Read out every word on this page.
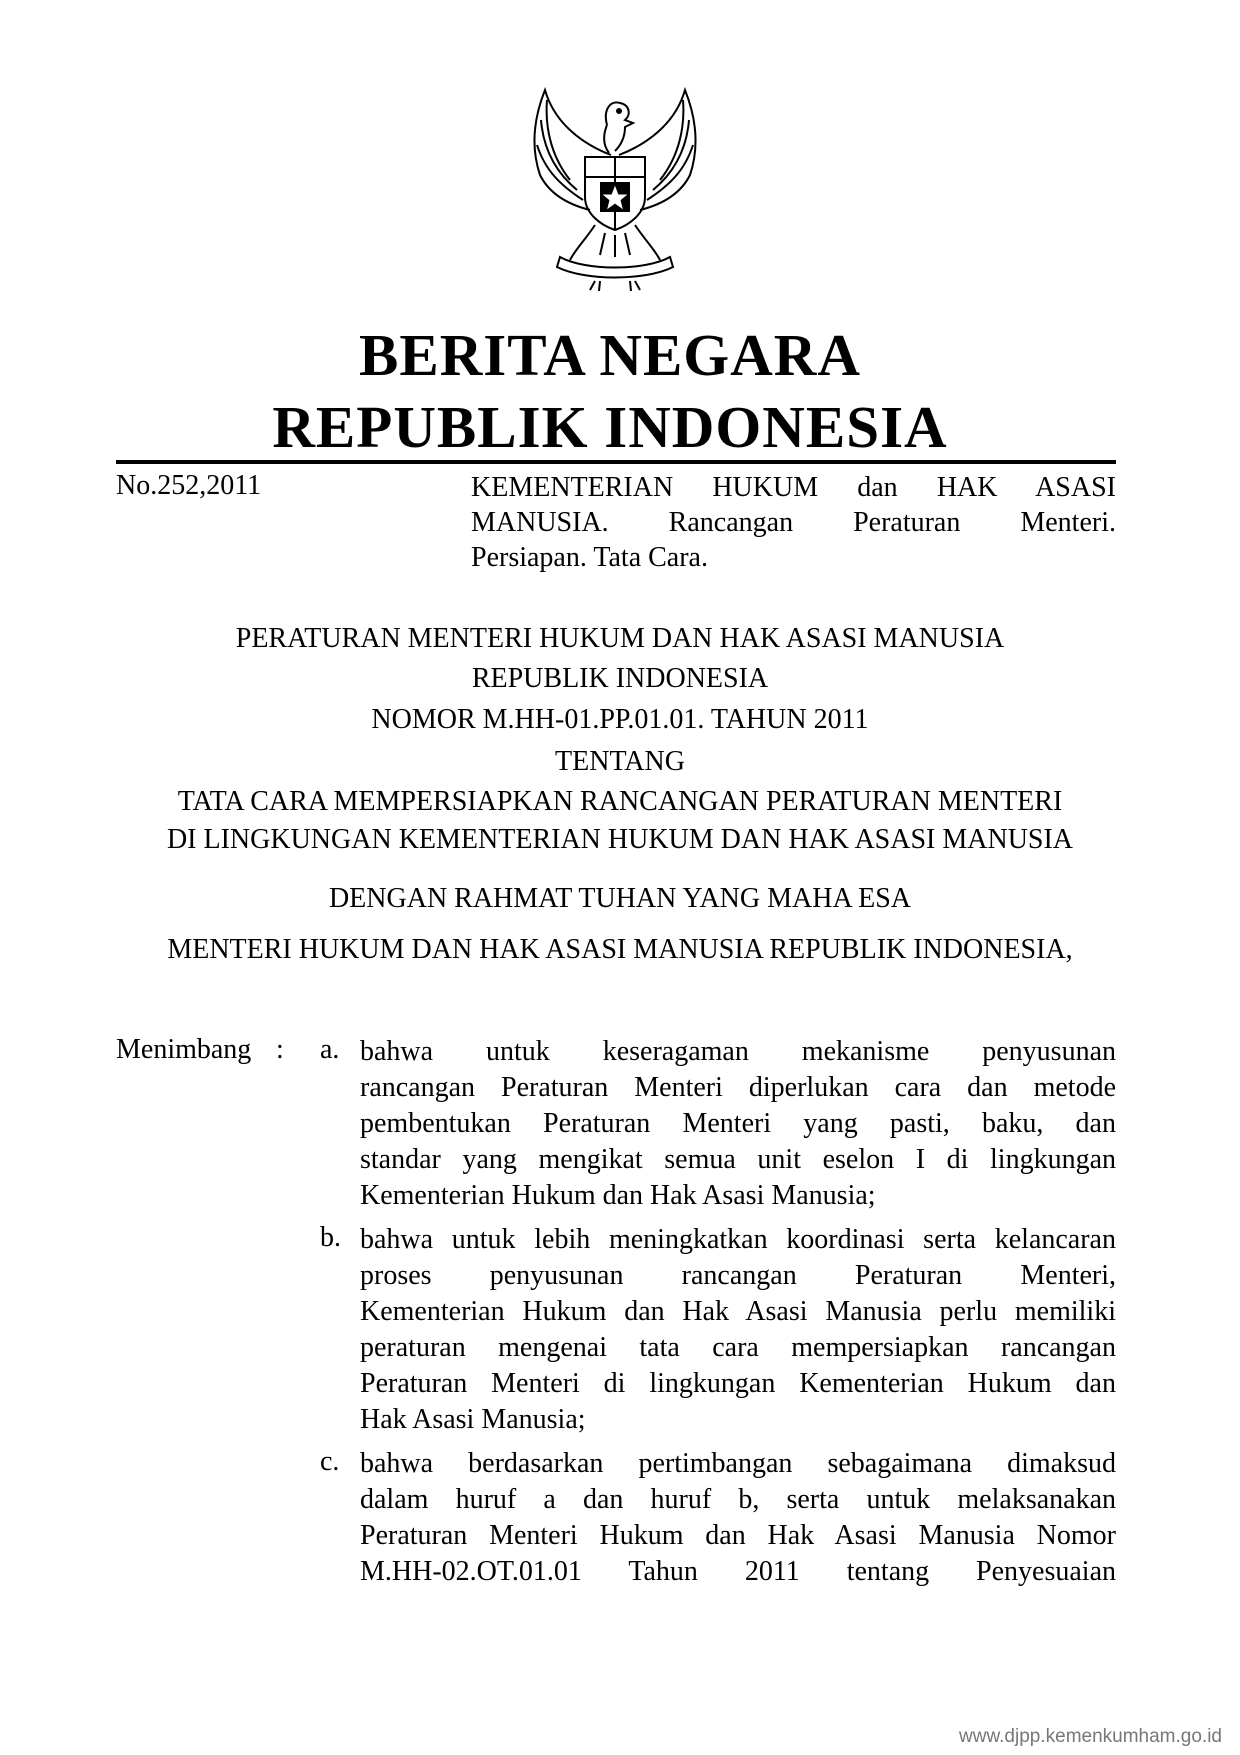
BERITA NEGARA
REPUBLIK INDONESIA
No.252,2011	KEMENTERIAN HUKUM dan HAK ASASI
MANUSIA. Rancangan Peraturan Menteri.
Persiapan. Tata Cara.
PERATURAN MENTERI HUKUM DAN HAK ASASI MANUSIA
REPUBLIK INDONESIA
NOMOR M.HH-01.PP.01.01. TAHUN 2011
TENTANG
TATA CARA MEMPERSIAPKAN RANCANGAN PERATURAN MENTERI
DI LINGKUNGAN KEMENTERIAN HUKUM DAN HAK ASASI MANUSIA
DENGAN RAHMAT TUHAN YANG MAHA ESA
MENTERI HUKUM DAN HAK ASASI MANUSIA REPUBLIK INDONESIA,
Menimbang : a. bahwa untuk keseragaman mekanisme penyusunan
rancangan Peraturan Menteri diperlukan cara dan metode
pembentukan Peraturan Menteri yang pasti, baku, dan
standar yang mengikat semua unit eselon I di lingkungan
Kementerian Hukum dan Hak Asasi Manusia;
b. bahwa untuk lebih meningkatkan koordinasi serta kelancaran
proses penyusunan rancangan Peraturan Menteri,
Kementerian Hukum dan Hak Asasi Manusia perlu memiliki
peraturan mengenai tata cara mempersiapkan rancangan
Peraturan Menteri di lingkungan Kementerian Hukum dan
Hak Asasi Manusia;
c. bahwa berdasarkan pertimbangan sebagaimana dimaksud
dalam huruf a dan huruf b, serta untuk melaksanakan
Peraturan Menteri Hukum dan Hak Asasi Manusia Nomor
M.HH-02.OT.01.01 Tahun 2011 tentang Penyesuaian
www.djpp.kemenkumham.go.id
